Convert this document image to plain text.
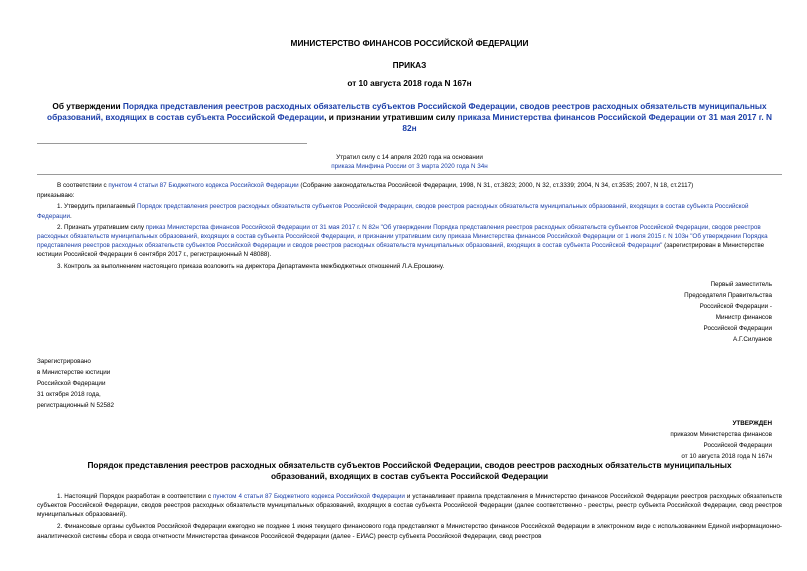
МИНИСТЕРСТВО ФИНАНСОВ РОССИЙСКОЙ ФЕДЕРАЦИИ
ПРИКАЗ
от 10 августа 2018 года N 167н
Об утверждении Порядка представления реестров расходных обязательств субъектов Российской Федерации, сводов реестров расходных обязательств муниципальных образований, входящих в состав субъекта Российской Федерации, и признании утратившим силу приказа Министерства финансов Российской Федерации от 31 мая 2017 г. N 82н
Утратил силу с 14 апреля 2020 года на основании
приказа Минфина России от 3 марта 2020 года N 34н

В соответствии с пунктом 4 статьи 87 Бюджетного кодекса Российской Федерации (Собрание законодательства Российской Федерации, 1998, N 31, ст.3823; 2000, N 32, ст.3339; 2004, N 34, ст.3535; 2007, N 18, ст.2117)

приказываю:

1. Утвердить прилагаемый Порядок представления реестров расходных обязательств субъектов Российской Федерации, сводов реестров расходных обязательств муниципальных образований, входящих в состав субъекта Российской Федерации.

2. Признать утратившим силу приказ Министерства финансов Российской Федерации от 31 мая 2017 г. N 82н "Об утверждении Порядка представления реестров расходных обязательств субъектов Российской Федерации, сводов реестров расходных обязательств муниципальных образований, входящих в состав субъекта Российской Федерации, и признании утратившим силу приказа Министерства финансов Российской Федерации от 1 июля 2015 г. N 103н "Об утверждении Порядка представления реестров расходных обязательств субъектов Российской Федерации и сводов реестров расходных обязательств муниципальных образований, входящих в состав субъекта Российской Федерации" (зарегистрирован в Министерстве юстиции Российской Федерации 6 сентября 2017 г., регистрационный N 48088).

3. Контроль за выполнением настоящего приказа возложить на директора Департамента межбюджетных отношений Л.А.Ерошкину.

Первый заместитель
Председателя Правительства
Российской Федерации -
Министр финансов
Российской Федерации
А.Г.Силуанов
Зарегистрировано
в Министерстве юстиции
Российской Федерации
31 октября 2018 года,
регистрационный N 52582
УТВЕРЖДЕН
приказом Министерства финансов
Российской Федерации
от 10 августа 2018 года N 167н
Порядок представления реестров расходных обязательств субъектов Российской Федерации, сводов реестров расходных обязательств муниципальных образований, входящих в состав субъекта Российской Федерации

1. Настоящий Порядок разработан в соответствии с пунктом 4 статьи 87 Бюджетного кодекса Российской Федерации и устанавливает правила представления в Министерство финансов Российской Федерации реестров расходных обязательств субъектов Российской Федерации, сводов реестров расходных обязательств муниципальных образований, входящих в состав субъекта Российской Федерации (далее соответственно - реестры, реестр субъекта Российской Федерации, свод реестров муниципальных образований).

2. Финансовые органы субъектов Российской Федерации ежегодно не позднее 1 июня текущего финансового года представляют в Министерство финансов Российской Федерации в электронном виде с использованием Единой информационно-аналитической системы сбора и свода отчетности Министерства финансов Российской Федерации (далее - ЕИАС) реестр субъекта Российской Федерации, свод реестров
